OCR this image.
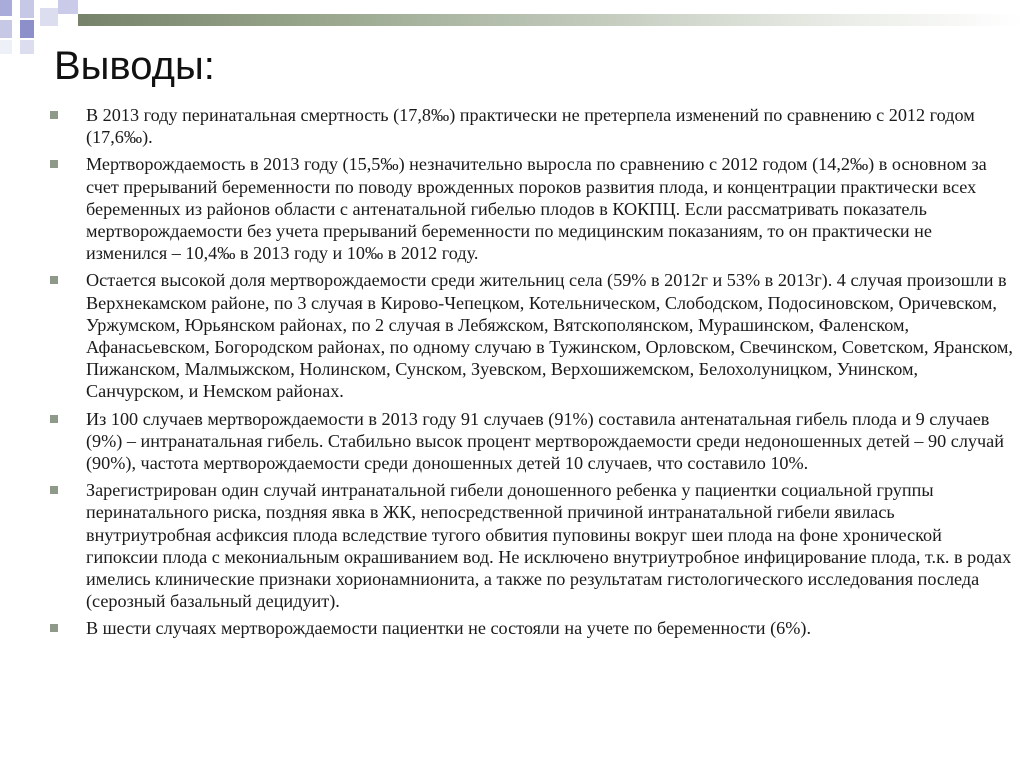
Выводы:
В 2013 году перинатальная смертность (17,8‰) практически не претерпела изменений по сравнению с 2012 годом (17,6‰).
Мертворождаемость в 2013 году (15,5‰) незначительно выросла по сравнению с 2012 годом (14,2‰) в основном за счет прерываний беременности по поводу врожденных пороков развития плода, и концентрации практически всех беременных из районов области с антенатальной гибелью плодов в КОКПЦ. Если рассматривать показатель мертворождаемости без учета прерываний беременности по медицинским показаниям, то он практически не изменился – 10,4‰ в 2013 году и 10‰ в 2012 году.
Остается высокой доля мертворождаемости среди жительниц села (59% в 2012г и 53% в 2013г). 4 случая произошли в Верхнекамском районе, по 3 случая в Кирово-Чепецком, Котельническом, Слободском, Подосиновском, Оричевском, Уржумском, Юрьянском районах, по 2 случая в Лебяжском, Вятскополянском, Мурашинском, Фаленском, Афанасьевском, Богородском районах, по одному случаю в Тужинском, Орловском, Свечинском, Советском, Яранском, Пижанском, Малмыжском, Нолинском, Сунском, Зуевском, Верхошижемском, Белохолуницком, Унинском, Санчурском, и Немском районах.
Из 100 случаев мертворождаемости в 2013 году 91 случаев (91%) составила антенатальная гибель плода и 9 случаев (9%) – интранатальная гибель. Стабильно высок процент мертворождаемости среди недоношенных детей – 90 случай (90%), частота мертворождаемости среди доношенных детей 10 случаев, что составило 10%.
Зарегистрирован один случай интранатальной гибели доношенного ребенка у пациентки социальной группы перинатального риска, поздняя явка в ЖК, непосредственной причиной интранатальной гибели явилась внутриутробная асфиксия плода вследствие тугого обвития пуповины вокруг шеи плода на фоне хронической гипоксии плода с мекониальным окрашиванием вод. Не исключено внутриутробное инфицирование плода, т.к. в родах имелись клинические признаки хорионамнионита, а также по результатам гистологического исследования последа (серозный базальный децидуит).
В шести случаях мертворождаемости пациентки не состояли на учете по беременности (6%).
